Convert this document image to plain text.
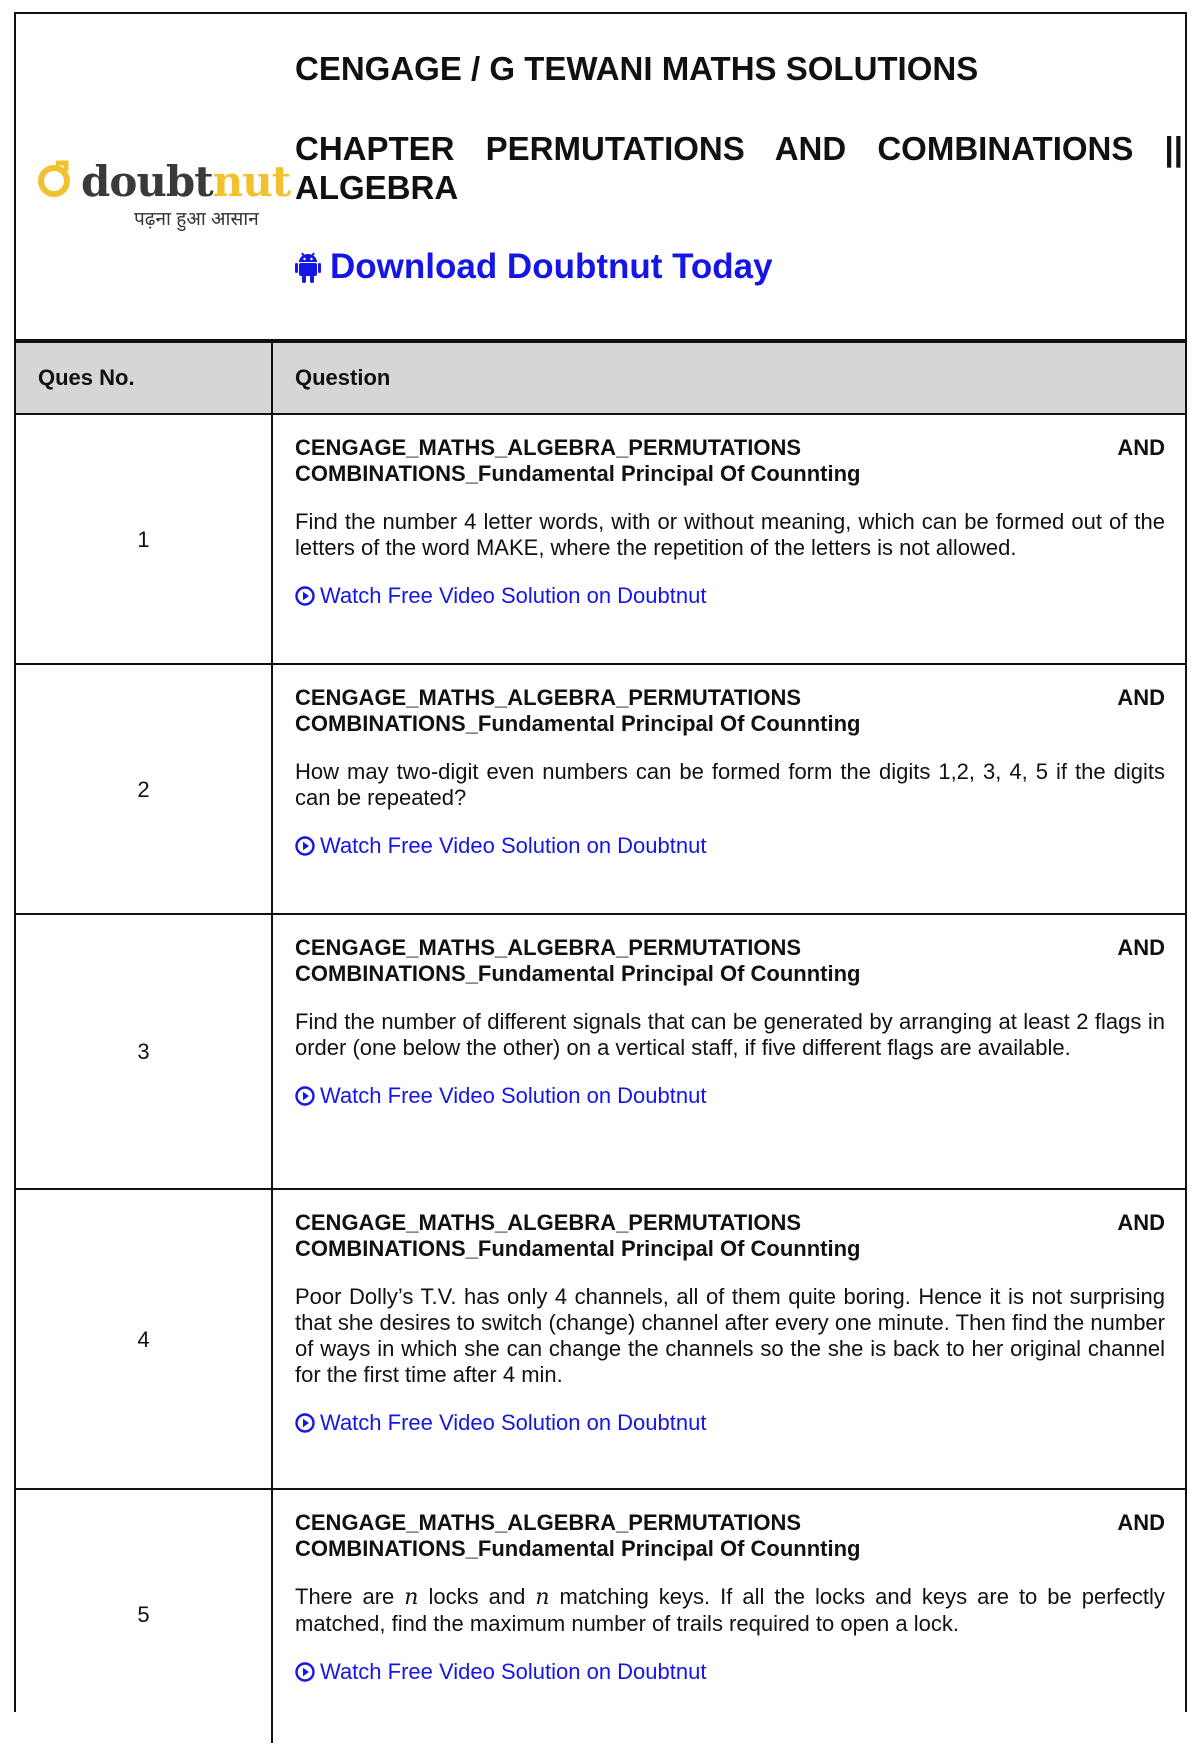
doubtnut
पढ़ना हुआ आसान
CENGAGE / G TEWANI MATHS SOLUTIONS
CHAPTER PERMUTATIONS AND COMBINATIONS ||
ALGEBRA
Download Doubtnut Today
Ques No.	Question
1
CENGAGE_MATHS_ALGEBRA_PERMUTATIONS	AND
COMBINATIONS_Fundamental Principal Of Counnting

Find the number 4 letter words, with or without meaning, which can be formed out of the letters of the word MAKE, where the repetition of the letters is not allowed.

Watch Free Video Solution on Doubtnut
2
CENGAGE_MATHS_ALGEBRA_PERMUTATIONS	AND
COMBINATIONS_Fundamental Principal Of Counnting

How may two-digit even numbers can be formed form the digits 1,2, 3, 4, 5 if the digits can be repeated?

Watch Free Video Solution on Doubtnut
3
CENGAGE_MATHS_ALGEBRA_PERMUTATIONS	AND
COMBINATIONS_Fundamental Principal Of Counnting

Find the number of different signals that can be generated by arranging at least 2 flags in order (one below the other) on a vertical staff, if five different flags are available.

Watch Free Video Solution on Doubtnut
4
CENGAGE_MATHS_ALGEBRA_PERMUTATIONS	AND
COMBINATIONS_Fundamental Principal Of Counnting

Poor Dolly’s T.V. has only 4 channels, all of them quite boring. Hence it is not surprising that she desires to switch (change) channel after every one minute. Then find the number of ways in which she can change the channels so the she is back to her original channel for the first time after 4 min.

Watch Free Video Solution on Doubtnut
5
CENGAGE_MATHS_ALGEBRA_PERMUTATIONS	AND
COMBINATIONS_Fundamental Principal Of Counnting

There are n locks and n matching keys. If all the locks and keys are to be perfectly matched, find the maximum number of trails required to open a lock.

Watch Free Video Solution on Doubtnut
